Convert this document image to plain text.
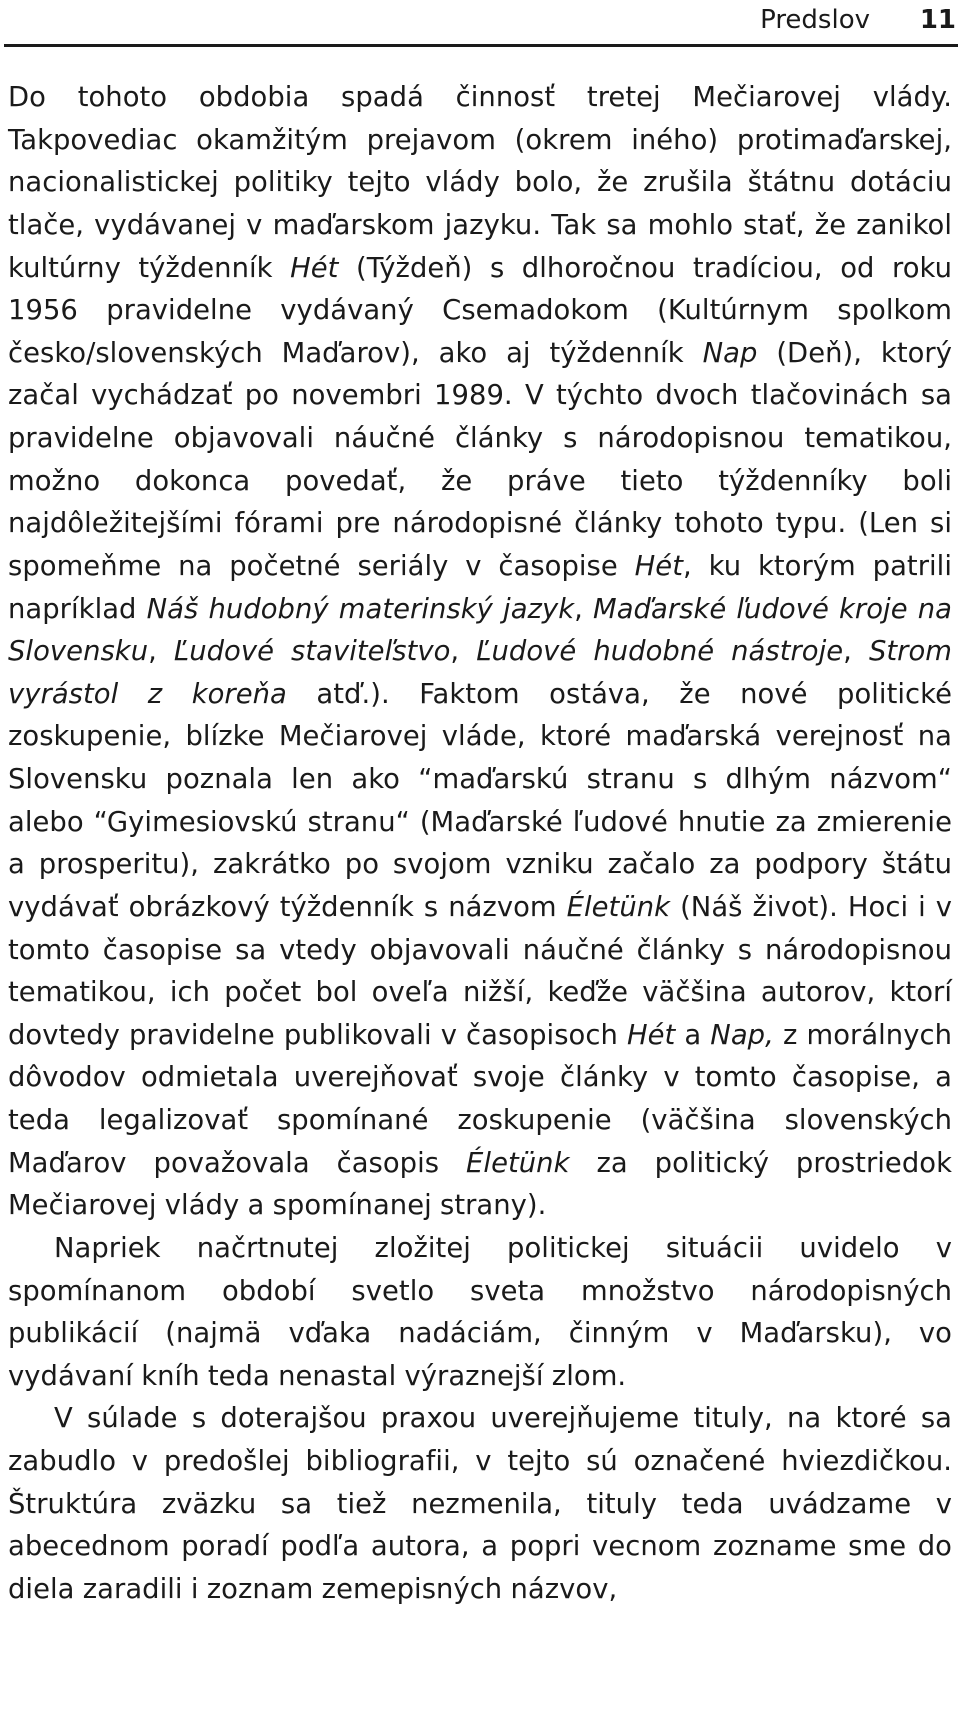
Predslov 11

Do tohoto obdobia spadá činnosť tretej Mečiarovej vlády. Takpovediac okamžitým prejavom (okrem iného) protimaďarskej, nacionalistickej politiky tejto vlády bolo, že zrušila štátnu dotáciu tlače, vydávanej v maďarskom jazyku. Tak sa mohlo stať, že zanikol kultúrny týždenník Hét (Týždeň) s dlhoročnou tradíciou, od roku 1956 pravidelne vydávaný Csemadokom (Kultúrnym spolkom česko/slovenských Maďarov), ako aj týždenník Nap (Deň), ktorý začal vychádzať po novembri 1989. V týchto dvoch tlačovinách sa pravidelne objavovali náučné články s národopisnou tematikou, možno dokonca povedať, že práve tieto týždenníky boli najdôležitejšími fórami pre národopisné články tohoto typu. (Len si spomeňme na početné seriály v časopise Hét, ku ktorým patrili napríklad Náš hudobný materinský jazyk, Maďarské ľudové kroje na Slovensku, Ľudové staviteľstvo, Ľudové hudobné nástroje, Strom vyrástol z koreňa atď.). Faktom ostáva, že nové politické zoskupenie, blízke Mečiarovej vláde, ktoré maďarská verejnosť na Slovensku poznala len ako “maďarskú stranu s dlhým názvom“ alebo “Gyimesiovskú stranu“ (Maďarské ľudové hnutie za zmierenie a prosperitu), zakrátko po svojom vzniku začalo za podpory štátu vydávať obrázkový týždenník s názvom Életünk (Náš život). Hoci i v tomto časopise sa vtedy objavovali náučné články s národopisnou tematikou, ich počet bol oveľa nižší, keďže väčšina autorov, ktorí dovtedy pravidelne publikovali v časopisoch Hét a Nap, z morálnych dôvodov odmietala uverejňovať svoje články v tomto časopise, a teda legalizovať spomínané zoskupenie (väčšina slovenských Maďarov považovala časopis Életünk za politický prostriedok Mečiarovej vlády a spomínanej strany).

Napriek načrtnutej zložitej politickej situácii uvidelo v spomínanom období svetlo sveta množstvo národopisných publikácií (najmä vďaka nadáciám, činným v Maďarsku), vo vydávaní kníh teda nenastal výraznejší zlom.

V súlade s doterajšou praxou uverejňujeme tituly, na ktoré sa zabudlo v predošlej bibliografii, v tejto sú označené hviezdičkou. Štruktúra zväzku sa tiež nezmenila, tituly teda uvádzame v abecednom poradí podľa autora, a popri vecnom zozname sme do diela zaradili i zoznam zemepisných názvov,
